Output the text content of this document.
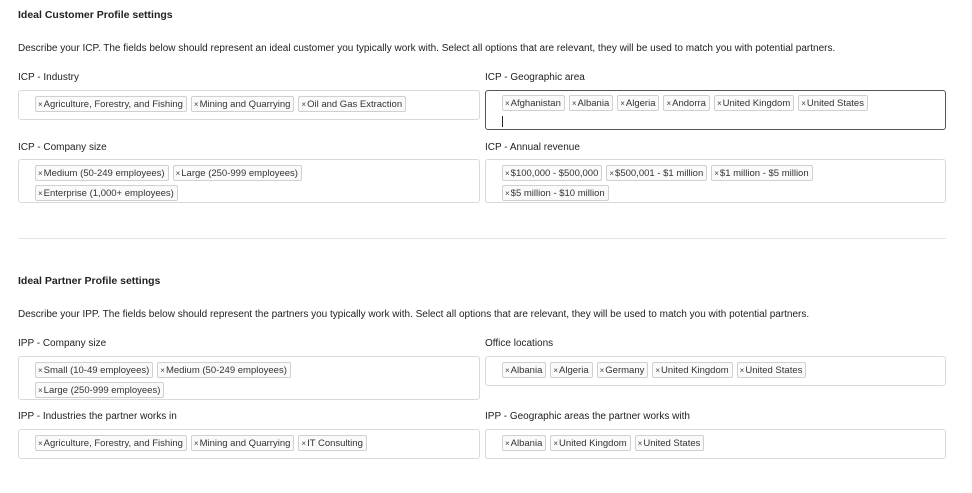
Ideal Customer Profile settings
Describe your ICP. The fields below should represent an ideal customer you typically work with. Select all options that are relevant, they will be used to match you with potential partners.
ICP - Industry
× Agriculture, Forestry, and Fishing × Mining and Quarrying × Oil and Gas Extraction
ICP - Geographic area
× Afghanistan × Albania × Algeria × Andorra × United Kingdom × United States
ICP - Company size
× Medium (50-249 employees) × Large (250-999 employees)
× Enterprise (1,000+ employees)
ICP - Annual revenue
× $100,000 - $500,000 × $500,001 - $1 million × $1 million - $5 million
× $5 million - $10 million
Ideal Partner Profile settings
Describe your IPP. The fields below should represent the partners you typically work with. Select all options that are relevant, they will be used to match you with potential partners.
IPP - Company size
× Small (10-49 employees) × Medium (50-249 employees)
× Large (250-999 employees)
Office locations
× Albania × Algeria × Germany × United Kingdom × United States
IPP - Industries the partner works in
× Agriculture, Forestry, and Fishing × Mining and Quarrying × IT Consulting
IPP - Geographic areas the partner works with
× Albania × United Kingdom × United States
